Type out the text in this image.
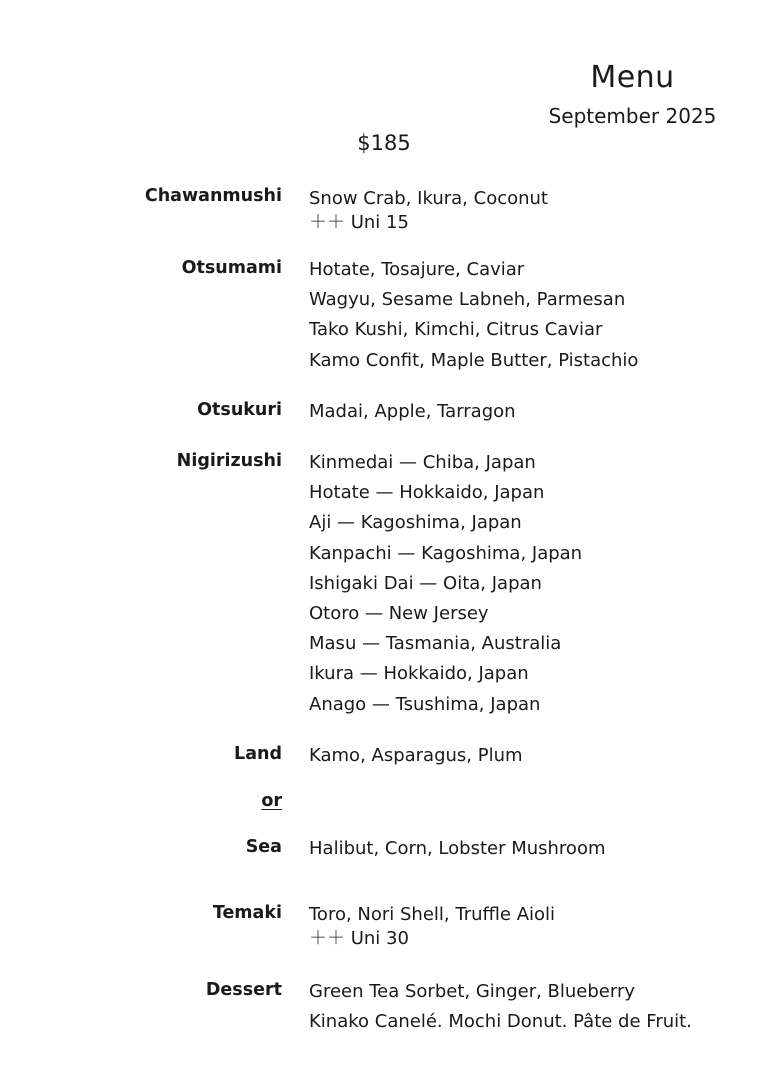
Menu
September 2025
$185
Chawanmushi Snow Crab, Ikura, Coconut
＋＋ Uni 15
Otsumami Hotate, Tosajure, Caviar
Wagyu, Sesame Labneh, Parmesan
Tako Kushi, Kimchi, Citrus Caviar
Kamo Confit, Maple Butter, Pistachio
Otsukuri Madai, Apple, Tarragon
Nigirizushi Kinmedai — Chiba, Japan
Hotate — Hokkaido, Japan
Aji — Kagoshima, Japan
Kanpachi — Kagoshima, Japan
Ishigaki Dai — Oita, Japan
Otoro — New Jersey
Masu — Tasmania, Australia
Ikura — Hokkaido, Japan
Anago — Tsushima, Japan
Land Kamo, Asparagus, Plum
or
Sea Halibut, Corn, Lobster Mushroom
Temaki Toro, Nori Shell, Truffle Aioli
＋＋ Uni 30
Dessert Green Tea Sorbet, Ginger, Blueberry
Kinako Canelé. Mochi Donut. Pâte de Fruit.
